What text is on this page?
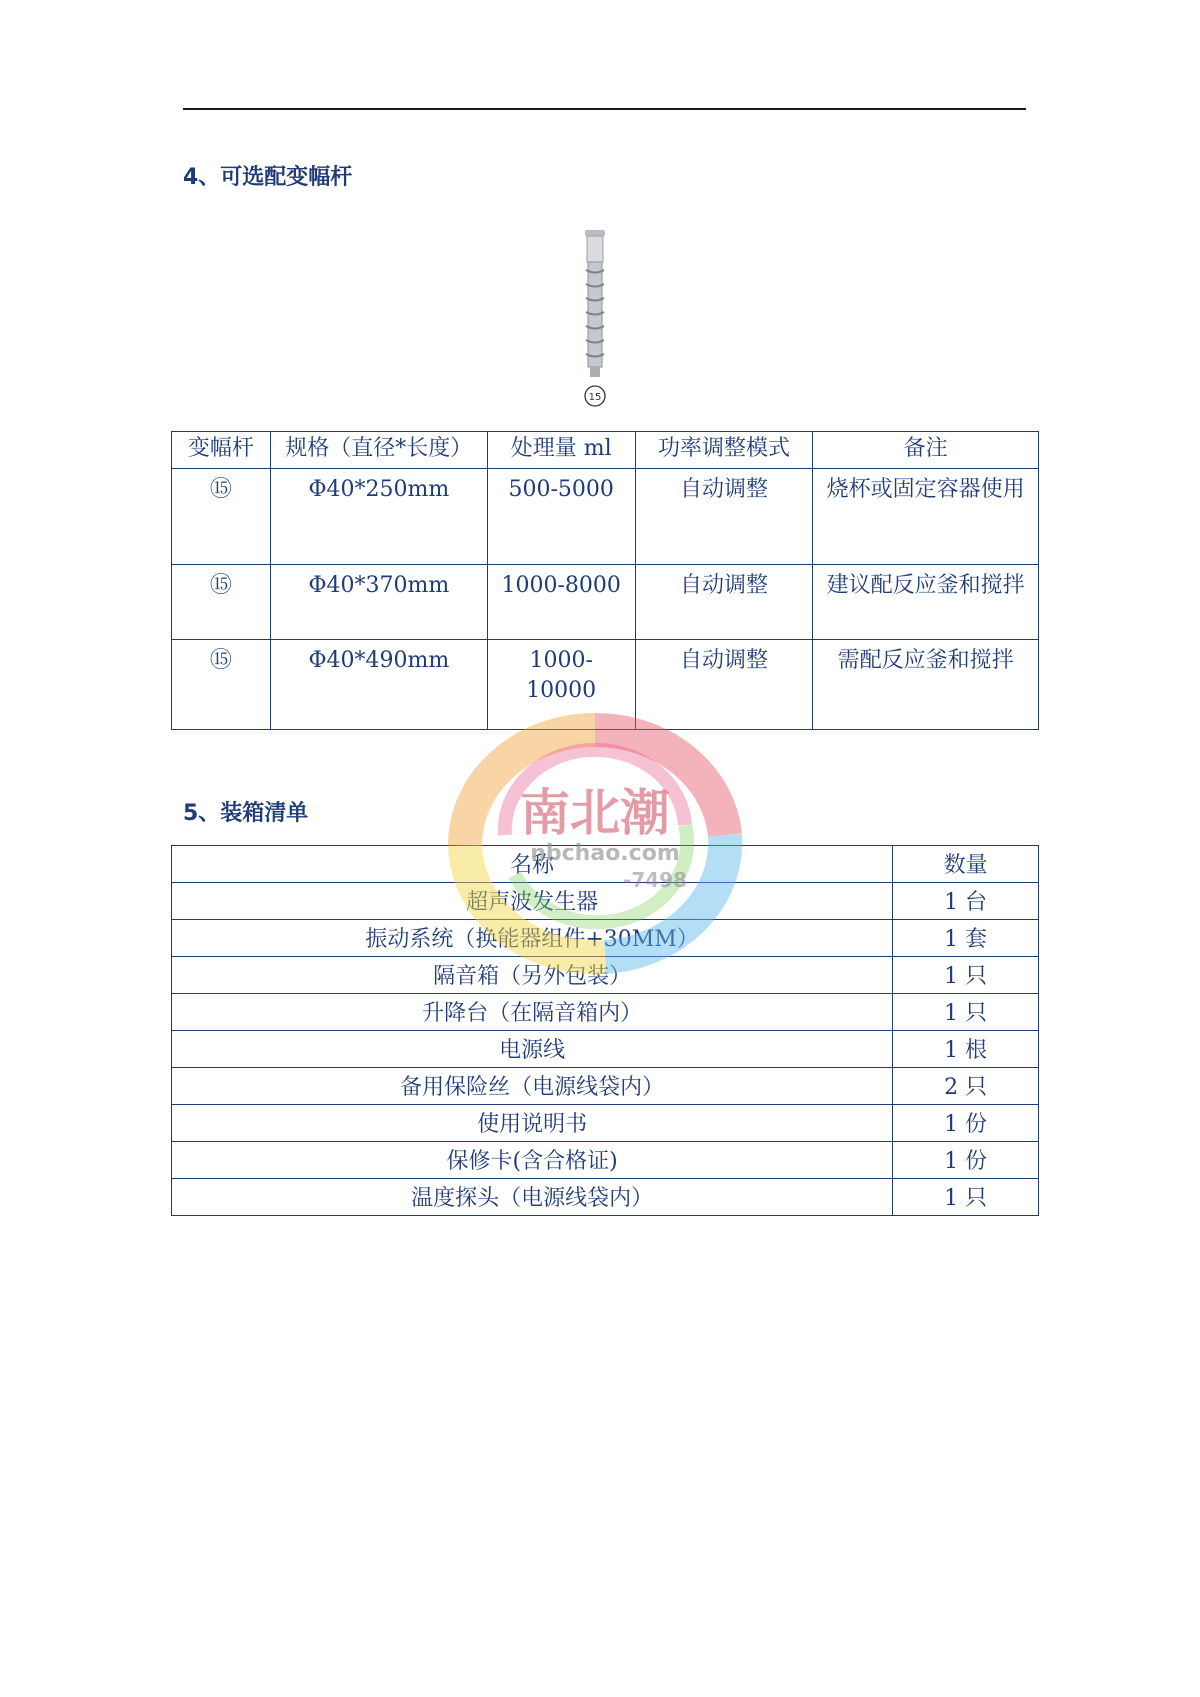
4、可选配变幅杆
15
变幅杆	规格（直径*长度）	处理量 ml	功率调整模式	备注
⑮	Φ40*250mm	500-5000	自动调整	烧杯或固定容器使用
⑮	Φ40*370mm	1000-8000	自动调整	建议配反应釜和搅拌
⑮	Φ40*490mm	1000-10000	自动调整	需配反应釜和搅拌
5、装箱清单
名称	数量
超声波发生器	1 台
振动系统（换能器组件+30MM）	1 套
隔音箱（另外包装）	1 只
升降台（在隔音箱内）	1 只
电源线	1 根
备用保险丝（电源线袋内）	2 只
使用说明书	1 份
保修卡(含合格证)	1 份
温度探头（电源线袋内）	1 只
南北潮
nbchao.com
-7498
